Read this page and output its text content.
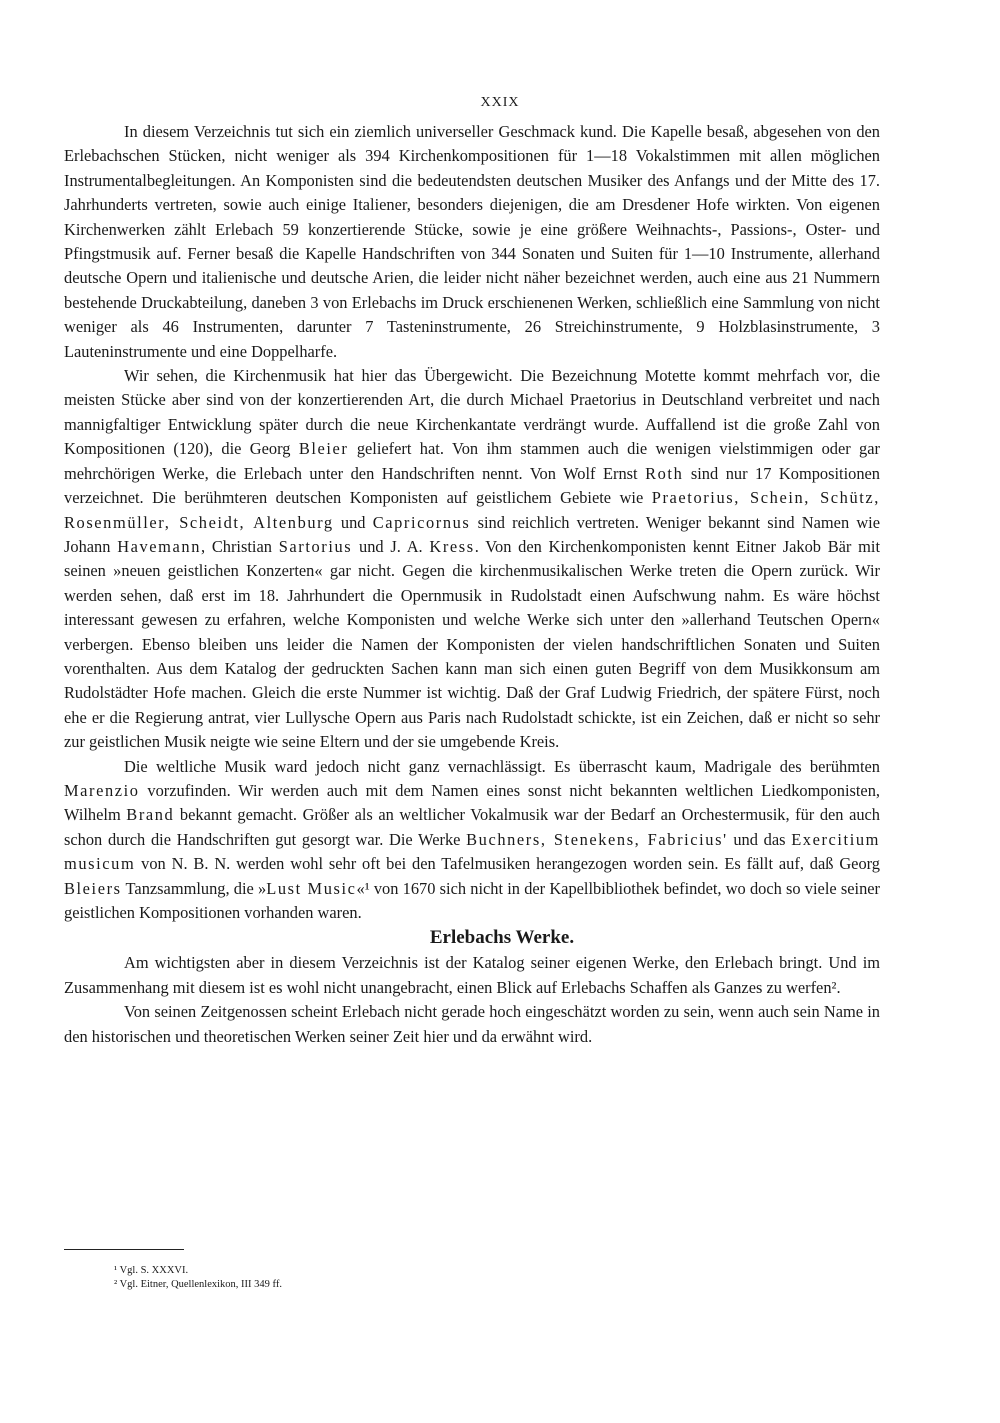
XXIX

In diesem Verzeichnis tut sich ein ziemlich universeller Geschmack kund. Die Kapelle besaß, abgesehen von den Erlebachschen Stücken, nicht weniger als 394 Kirchenkompositionen für 1—18 Vokalstimmen mit allen möglichen Instrumentalbegleitungen. An Komponisten sind die bedeutendsten deutschen Musiker des Anfangs und der Mitte des 17. Jahrhunderts vertreten, sowie auch einige Italiener, besonders diejenigen, die am Dresdener Hofe wirkten. Von eigenen Kirchenwerken zählt Erlebach 59 konzertierende Stücke, sowie je eine größere Weihnachts-, Passions-, Oster- und Pfingstmusik auf. Ferner besaß die Kapelle Handschriften von 344 Sonaten und Suiten für 1—10 Instrumente, allerhand deutsche Opern und italienische und deutsche Arien, die leider nicht näher bezeichnet werden, auch eine aus 21 Nummern bestehende Druckabteilung, daneben 3 von Erlebachs im Druck erschienenen Werken, schließlich eine Sammlung von nicht weniger als 46 Instrumenten, darunter 7 Tasteninstrumente, 26 Streichinstrumente, 9 Holzblasinstrumente, 3 Lauteninstrumente und eine Doppelharfe.

Wir sehen, die Kirchenmusik hat hier das Übergewicht. Die Bezeichnung Motette kommt mehrfach vor, die meisten Stücke aber sind von der konzertierenden Art, die durch Michael Praetorius in Deutschland verbreitet und nach mannigfaltiger Entwicklung später durch die neue Kirchenkantate verdrängt wurde. Auffallend ist die große Zahl von Kompositionen (120), die Georg Bleier geliefert hat. Von ihm stammen auch die wenigen vielstimmigen oder gar mehrchörigen Werke, die Erlebach unter den Handschriften nennt. Von Wolf Ernst Roth sind nur 17 Kompositionen verzeichnet. Die berühmteren deutschen Komponisten auf geistlichem Gebiete wie Praetorius, Schein, Schütz, Rosenmüller, Scheidt, Altenburg und Capricornus sind reichlich vertreten. Weniger bekannt sind Namen wie Johann Havemann, Christian Sartorius und J. A. Kress. Von den Kirchenkomponisten kennt Eitner Jakob Bär mit seinen »neuen geistlichen Konzerten« gar nicht. Gegen die kirchenmusikalischen Werke treten die Opern zurück. Wir werden sehen, daß erst im 18. Jahrhundert die Opernmusik in Rudolstadt einen Aufschwung nahm. Es wäre höchst interessant gewesen zu erfahren, welche Komponisten und welche Werke sich unter den »allerhand Teutschen Opern« verbergen. Ebenso bleiben uns leider die Namen der Komponisten der vielen handschriftlichen Sonaten und Suiten vorenthalten. Aus dem Katalog der gedruckten Sachen kann man sich einen guten Begriff von dem Musikkonsum am Rudolstädter Hofe machen. Gleich die erste Nummer ist wichtig. Daß der Graf Ludwig Friedrich, der spätere Fürst, noch ehe er die Regierung antrat, vier Lullysche Opern aus Paris nach Rudolstadt schickte, ist ein Zeichen, daß er nicht so sehr zur geistlichen Musik neigte wie seine Eltern und der sie umgebende Kreis.

Die weltliche Musik ward jedoch nicht ganz vernachlässigt. Es überrascht kaum, Madrigale des berühmten Marenzio vorzufinden. Wir werden auch mit dem Namen eines sonst nicht bekannten weltlichen Liedkomponisten, Wilhelm Brand bekannt gemacht. Größer als an weltlicher Vokalmusik war der Bedarf an Orchestermusik, für den auch schon durch die Handschriften gut gesorgt war. Die Werke Buchners, Stenekens, Fabricius' und das Exercitium musicum von N. B. N. werden wohl sehr oft bei den Tafelmusiken herangezogen worden sein. Es fällt auf, daß Georg Bleiers Tanzsammlung, die »Lust Music«¹ von 1670 sich nicht in der Kapellbibliothek befindet, wo doch so viele seiner geistlichen Kompositionen vorhanden waren.

Erlebachs Werke.

Am wichtigsten aber in diesem Verzeichnis ist der Katalog seiner eigenen Werke, den Erlebach bringt. Und im Zusammenhang mit diesem ist es wohl nicht unangebracht, einen Blick auf Erlebachs Schaffen als Ganzes zu werfen².

Von seinen Zeitgenossen scheint Erlebach nicht gerade hoch eingeschätzt worden zu sein, wenn auch sein Name in den historischen und theoretischen Werken seiner Zeit hier und da erwähnt wird.

¹ Vgl. S. XXXVI.
² Vgl. Eitner, Quellenlexikon, III 349 ff.
